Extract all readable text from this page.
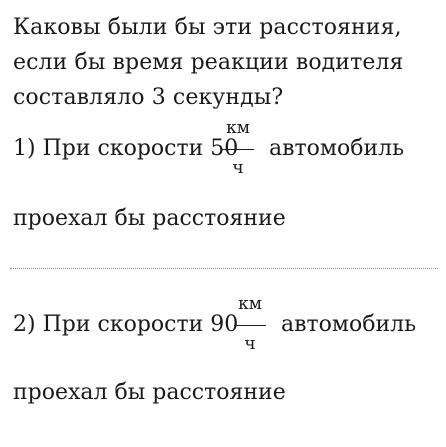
Каковы были бы эти расстояния,
если бы время реакции водителя
составляло 3 секунды?
1) При скорости 50
км
ч
автомобиль
проехал бы расстояние
2) При скорости 90
км
ч
автомобиль
проехал бы расстояние
